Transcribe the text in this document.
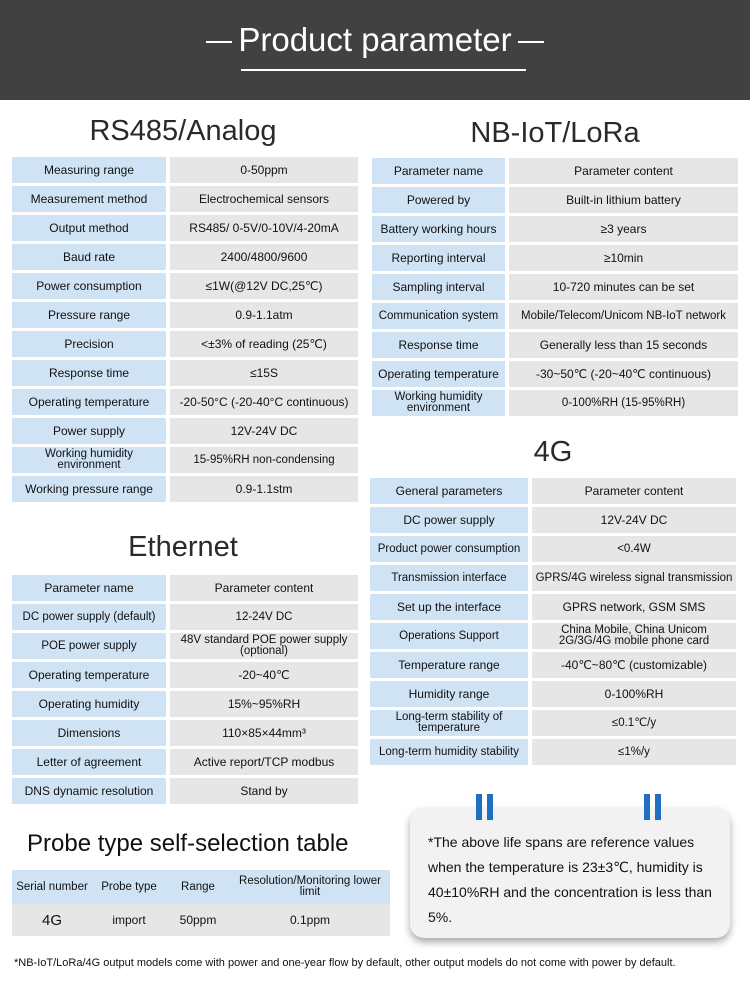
Product parameter
RS485/Analog
Measuring range		0-50ppm
Measurement method		Electrochemical sensors
Output method		RS485/ 0-5V/0-10V/4-20mA
Baud rate		2400/4800/9600
Power consumption		≤1W(@12V DC,25℃)
Pressure range		0.9-1.1atm
Precision		<±3% of reading (25℃)
Response time		≤15S
Operating temperature		-20-50°C (-20-40°C continuous)
Power supply		12V-24V DC
Working humidity environment		15-95%RH non-condensing
Working pressure range		0.9-1.1stm
NB-IoT/LoRa
Parameter name		Parameter content
Powered by		Built-in lithium battery
Battery working hours		≥3 years
Reporting interval		≥10min
Sampling interval		10-720 minutes can be set
Communication system		Mobile/Telecom/Unicom NB-IoT network
Response time		Generally less than 15 seconds
Operating temperature		-30~50℃ (-20~40℃ continuous)
Working humidity environment		0-100%RH (15-95%RH)
Ethernet
Parameter name		Parameter content
DC power supply (default)		12-24V DC
POE power supply		48V standard POE power supply (optional)
Operating temperature		-20~40℃
Operating humidity		15%~95%RH
Dimensions		110×85×44mm³
Letter of agreement		Active report/TCP modbus
DNS dynamic resolution		Stand by
4G
General parameters		Parameter content
DC power supply		12V-24V DC
Product power consumption		<0.4W
Transmission interface		GPRS/4G wireless signal transmission
Set up the interface		GPRS network, GSM SMS
Operations Support		China Mobile, China Unicom 2G/3G/4G mobile phone card
Temperature range		-40℃~80℃ (customizable)
Humidity range		0-100%RH
Long-term stability of temperature		≤0.1℃/y
Long-term humidity stability		≤1%/y
Probe type self-selection table
Serial number	Probe type	Range	Resolution/Monitoring lower limit
4G	import	50ppm	0.1ppm
*The above life spans are reference values when the temperature is 23±3℃, humidity is 40±10%RH and the concentration is less than 5%.
*NB-IoT/LoRa/4G output models come with power and one-year flow by default, other output models do not come with power by default.
